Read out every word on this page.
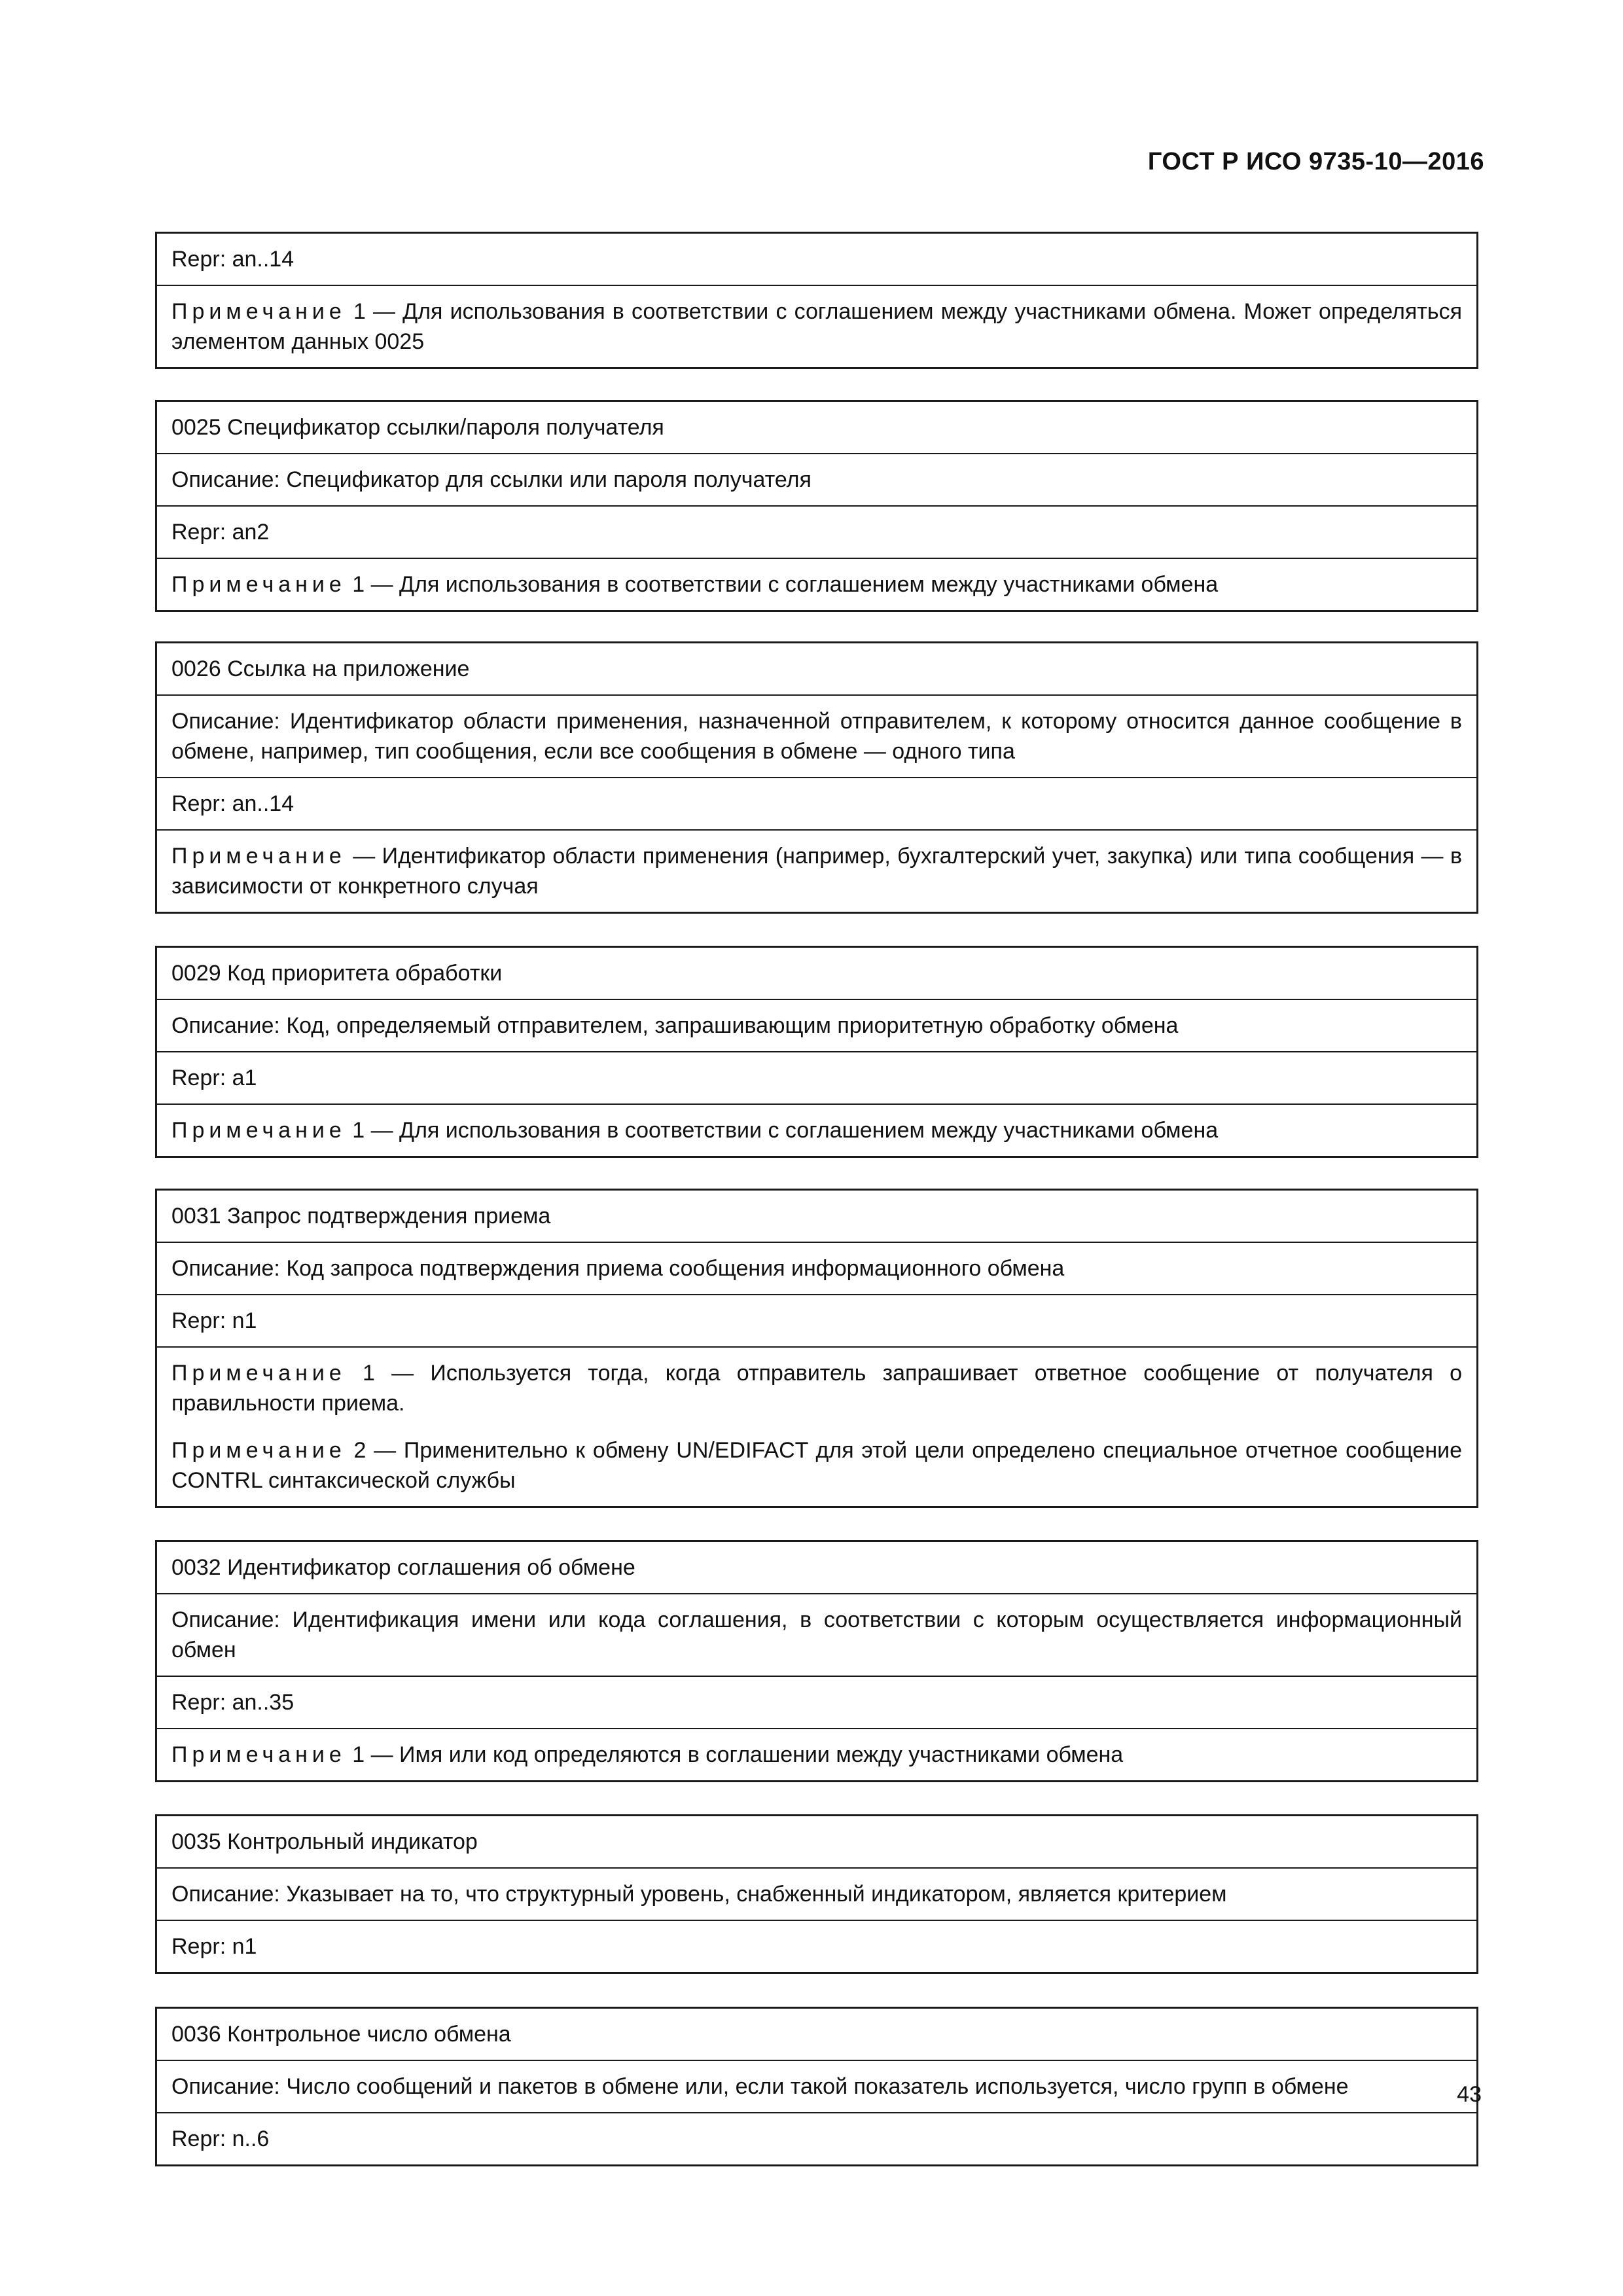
ГОСТ Р ИСО 9735-10—2016
Repr: an..14

Примечание 1 — Для использования в соответствии с соглашением между участниками обмена. Может определяться элементом данных 0025

0025 Спецификатор ссылки/пароля получателя
Описание: Спецификатор для ссылки или пароля получателя
Repr: an2

Примечание 1 — Для использования в соответствии с соглашением между участниками обмена

0026 Ссылка на приложение
Описание: Идентификатор области применения, назначенной отправителем, к которому относится данное сообщение в обмене, например, тип сообщения, если все сообщения в обмене — одного типа
Repr: an..14

Примечание — Идентификатор области применения (например, бухгалтерский учет, закупка) или типа сообщения — в зависимости от конкретного случая

0029 Код приоритета обработки
Описание: Код, определяемый отправителем, запрашивающим приоритетную обработку обмена
Repr: a1

Примечание 1 — Для использования в соответствии с соглашением между участниками обмена

0031 Запрос подтверждения приема
Описание: Код запроса подтверждения приема сообщения информационного обмена
Repr: n1

Примечание 1 — Используется тогда, когда отправитель запрашивает ответное сообщение от получателя о правильности приема.

Примечание 2 — Применительно к обмену UN/EDIFACT для этой цели определено специальное отчетное сообщение CONTRL синтаксической службы

0032 Идентификатор соглашения об обмене
Описание: Идентификация имени или кода соглашения, в соответствии с которым осуществляется информационный обмен
Repr: an..35

Примечание 1 — Имя или код определяются в соглашении между участниками обмена

0035 Контрольный индикатор
Описание: Указывает на то, что структурный уровень, снабженный индикатором, является критерием
Repr: n1
0036 Контрольное число обмена
Описание: Число сообщений и пакетов в обмене или, если такой показатель используется, число групп в обмене
Repr: n..6
43
